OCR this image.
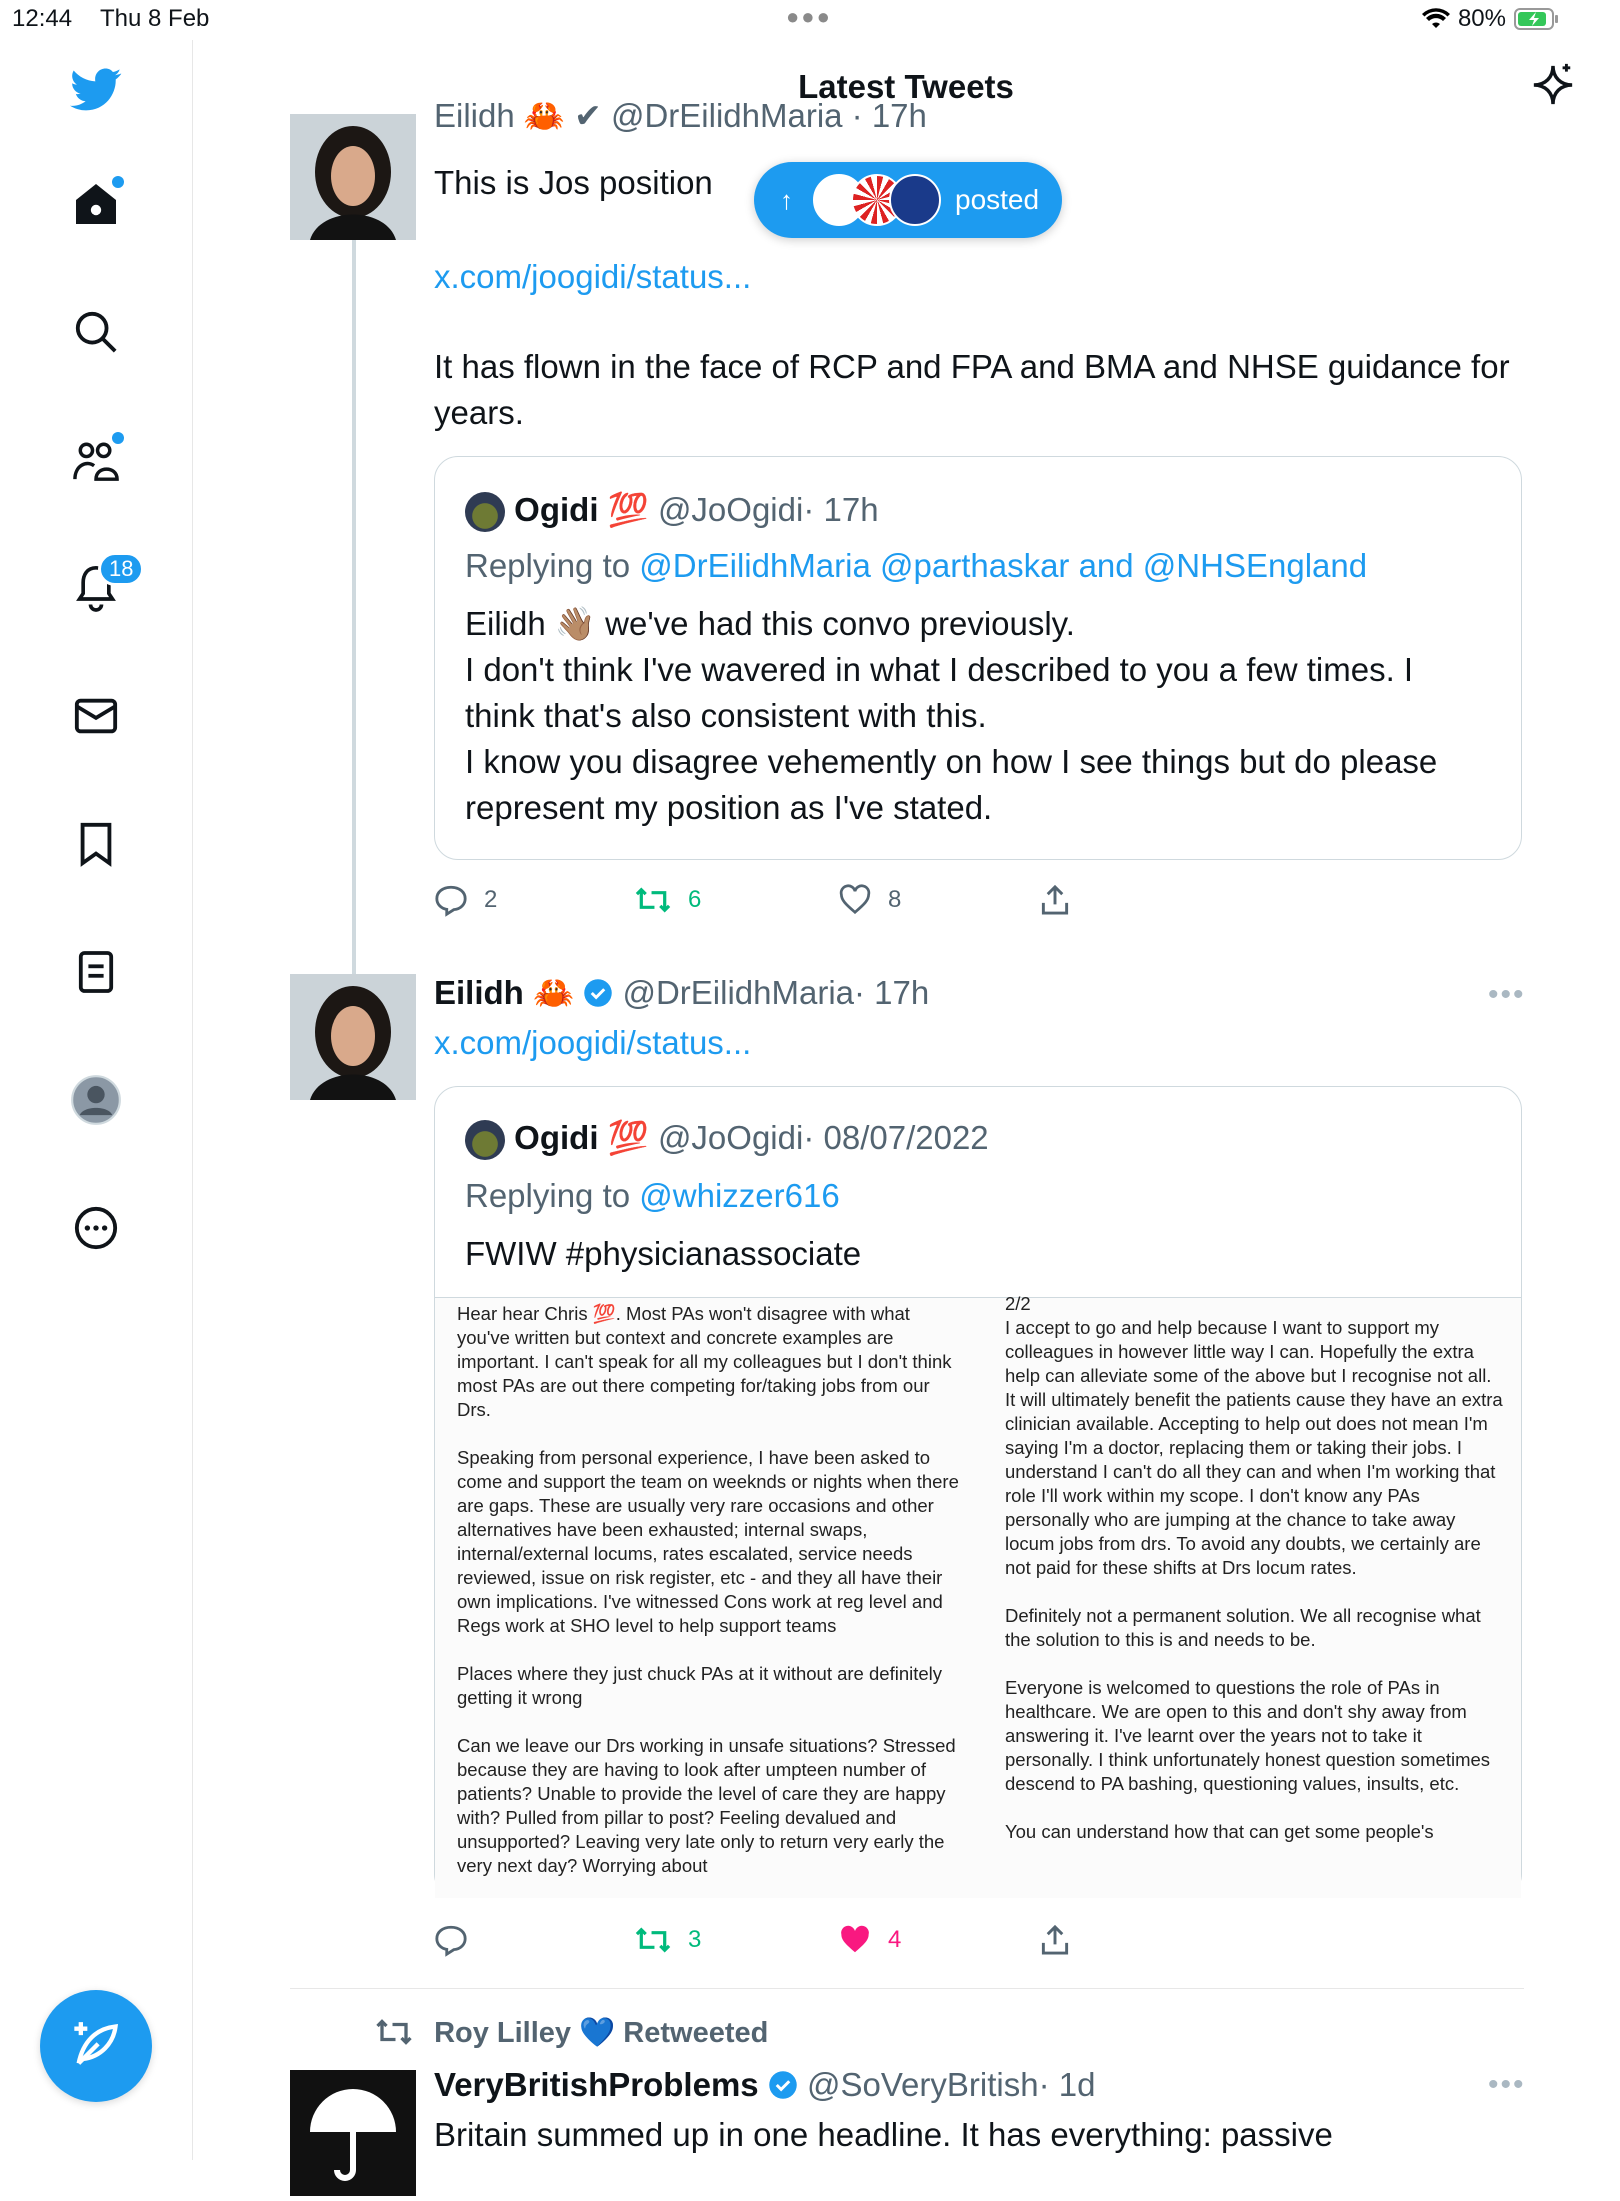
12:44 Thu 8 Feb	●●●	80%
18
Latest Tweets
Eilidh 🦀 ✔ @DrEilidhMaria · 17h
This is Jos position	↑	posted
x.com/joogidi/status...
It has flown in the face of RCP and FPA and BMA and NHSE guidance for years.
Ogidi 💯 @JoOgidi· 17h
Replying to @DrEilidhMaria @parthaskar and @NHSEngland
Eilidh 👋🏽 we've had this convo previously.
I don't think I've wavered in what I described to you a few times. I think that's also consistent with this.
I know you disagree vehemently on how I see things but do please represent my position as I've stated.
2	6	8
Eilidh 🦀 @DrEilidhMaria· 17h	•••
x.com/joogidi/status...
Ogidi 💯 @JoOgidi· 08/07/2022
Replying to @whizzer616
FWIW #physicianassociate
Hear hear Chris 💯. Most PAs won't disagree with what you've written but context and concrete examples are important. I can't speak for all my colleagues but I don't think most PAs are out there competing for/taking jobs from our Drs.

Speaking from personal experience, I have been asked to come and support the team on weeknds or nights when there are gaps. These are usually very rare occasions and other alternatives have been exhausted; internal swaps, internal/external locums, rates escalated, service needs reviewed, issue on risk register, etc - and they all have their own implications. I've witnessed Cons work at reg level and Regs work at SHO level to help support teams

Places where they just chuck PAs at it without are definitely getting it wrong

Can we leave our Drs working in unsafe situations? Stressed because they are having to look after umpteen number of patients? Unable to provide the level of care they are happy with? Pulled from pillar to post? Feeling devalued and unsupported? Leaving very late only to return very early the very next day? Worrying about
2/2
I accept to go and help because I want to support my colleagues in however little way I can. Hopefully the extra help can alleviate some of the above but I recognise not all. It will ultimately benefit the patients cause they have an extra clinician available. Accepting to help out does not mean I'm saying I'm a doctor, replacing them or taking their jobs. I understand I can't do all they can and when I'm working that role I'll work within my scope. I don't know any PAs personally who are jumping at the chance to take away locum jobs from drs. To avoid any doubts, we certainly are not paid for these shifts at Drs locum rates.

Definitely not a permanent solution. We all recognise what the solution to this is and needs to be.

Everyone is welcomed to questions the role of PAs in healthcare. We are open to this and don't shy away from answering it. I've learnt over the years not to take it personally. I think unfortunately honest question sometimes descend to PA bashing, questioning values, insults, etc.

You can understand how that can get some people's
3	4
Roy Lilley 💙 Retweeted
VeryBritishProblems @SoVeryBritish· 1d	•••
Britain summed up in one headline. It has everything: passive
